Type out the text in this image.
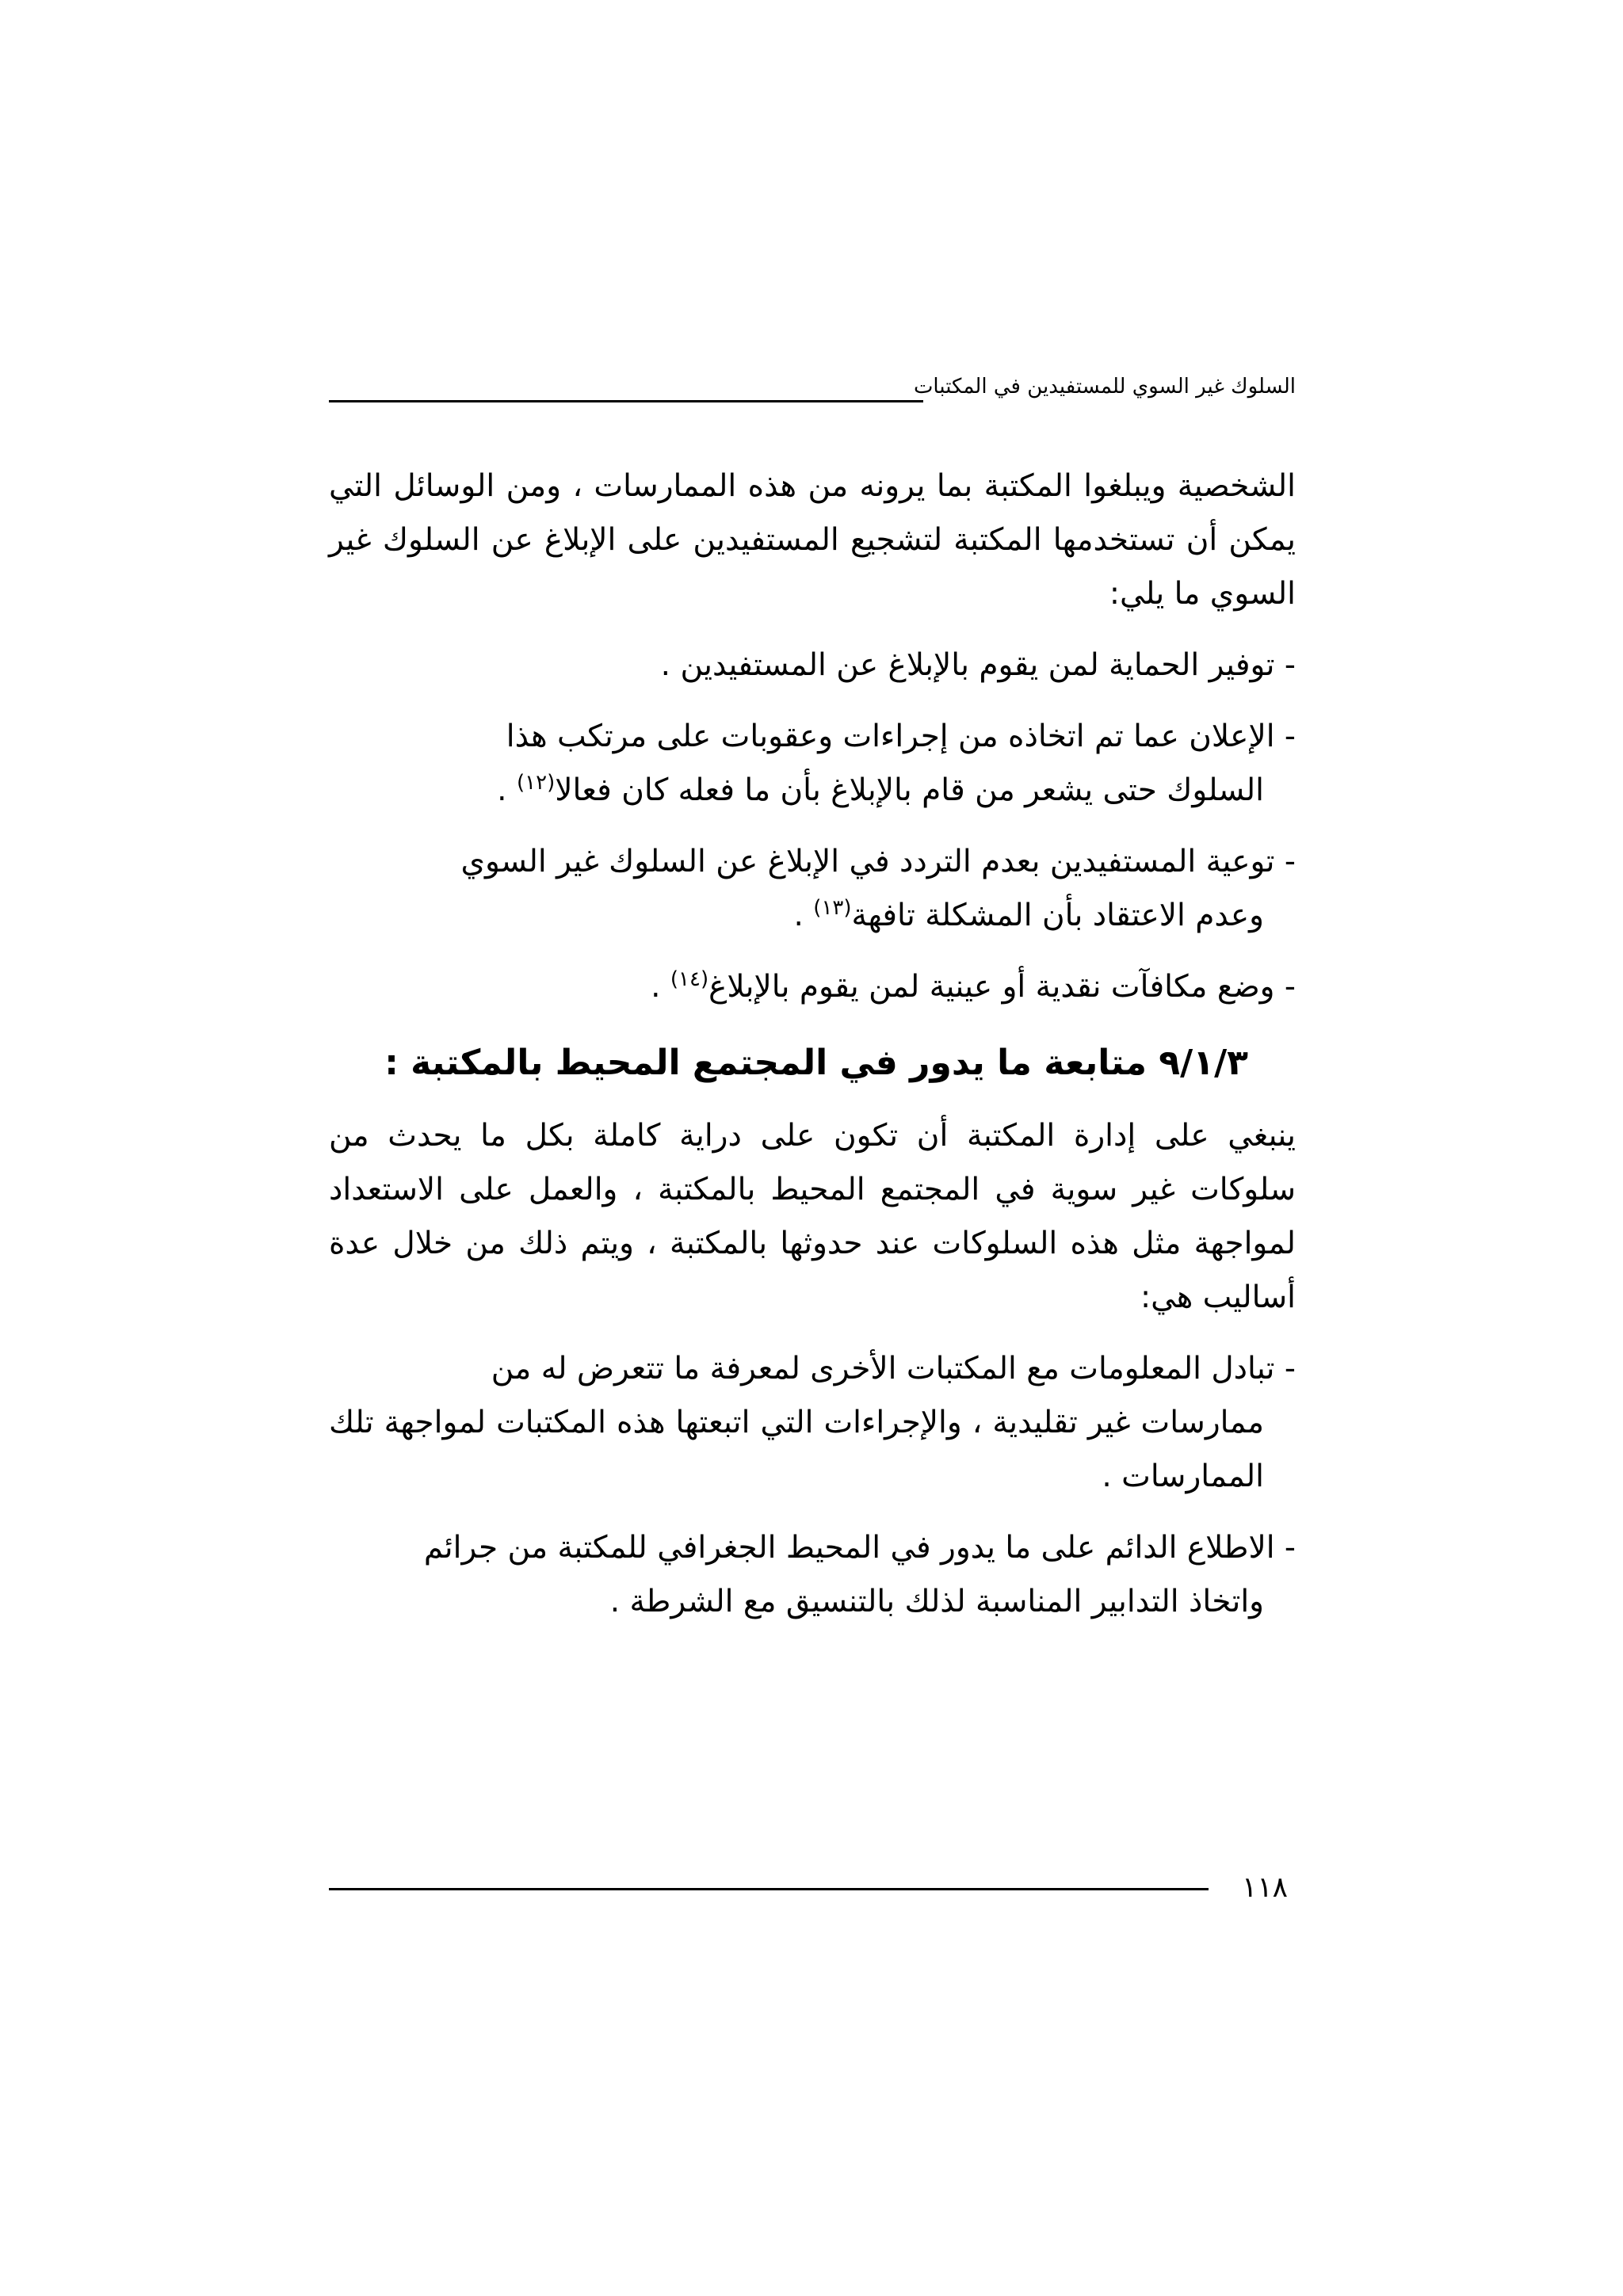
السلوك غير السوي للمستفيدين في المكتبات

الشخصية ويبلغوا المكتبة بما يرونه من هذه الممارسات ، ومن الوسائل التي يمكن أن تستخدمها المكتبة لتشجيع المستفيدين على الإبلاغ عن السلوك غير السوي ما يلي:

- توفير الحماية لمن يقوم بالإبلاغ عن المستفيدين .
- الإعلان عما تم اتخاذه من إجراءات وعقوبات على مرتكب هذا
السلوك حتى يشعر من قام بالإبلاغ بأن ما فعله كان فعالا$^{(١٢)}$ .
- توعية المستفيدين بعدم التردد في الإبلاغ عن السلوك غير السوي
وعدم الاعتقاد بأن المشكلة تافهة$^{(١٣)}$ .
- وضع مكافآت نقدية أو عينية لمن يقوم بالإبلاغ$^{(١٤)}$ .
٩/١/٣ متابعة ما يدور في المجتمع المحيط بالمكتبة :

ينبغي على إدارة المكتبة أن تكون على دراية كاملة بكل ما يحدث من سلوكات غير سوية في المجتمع المحيط بالمكتبة ، والعمل على الاستعداد لمواجهة مثل هذه السلوكات عند حدوثها بالمكتبة ، ويتم ذلك من خلال عدة أساليب هي:

- تبادل المعلومات مع المكتبات الأخرى لمعرفة ما تتعرض له من
ممارسات غير تقليدية ، والإجراءات التي اتبعتها هذه المكتبات لمواجهة تلك الممارسات .
- الاطلاع الدائم على ما يدور في المحيط الجغرافي للمكتبة من جرائم
واتخاذ التدابير المناسبة لذلك بالتنسيق مع الشرطة .
١١٨
